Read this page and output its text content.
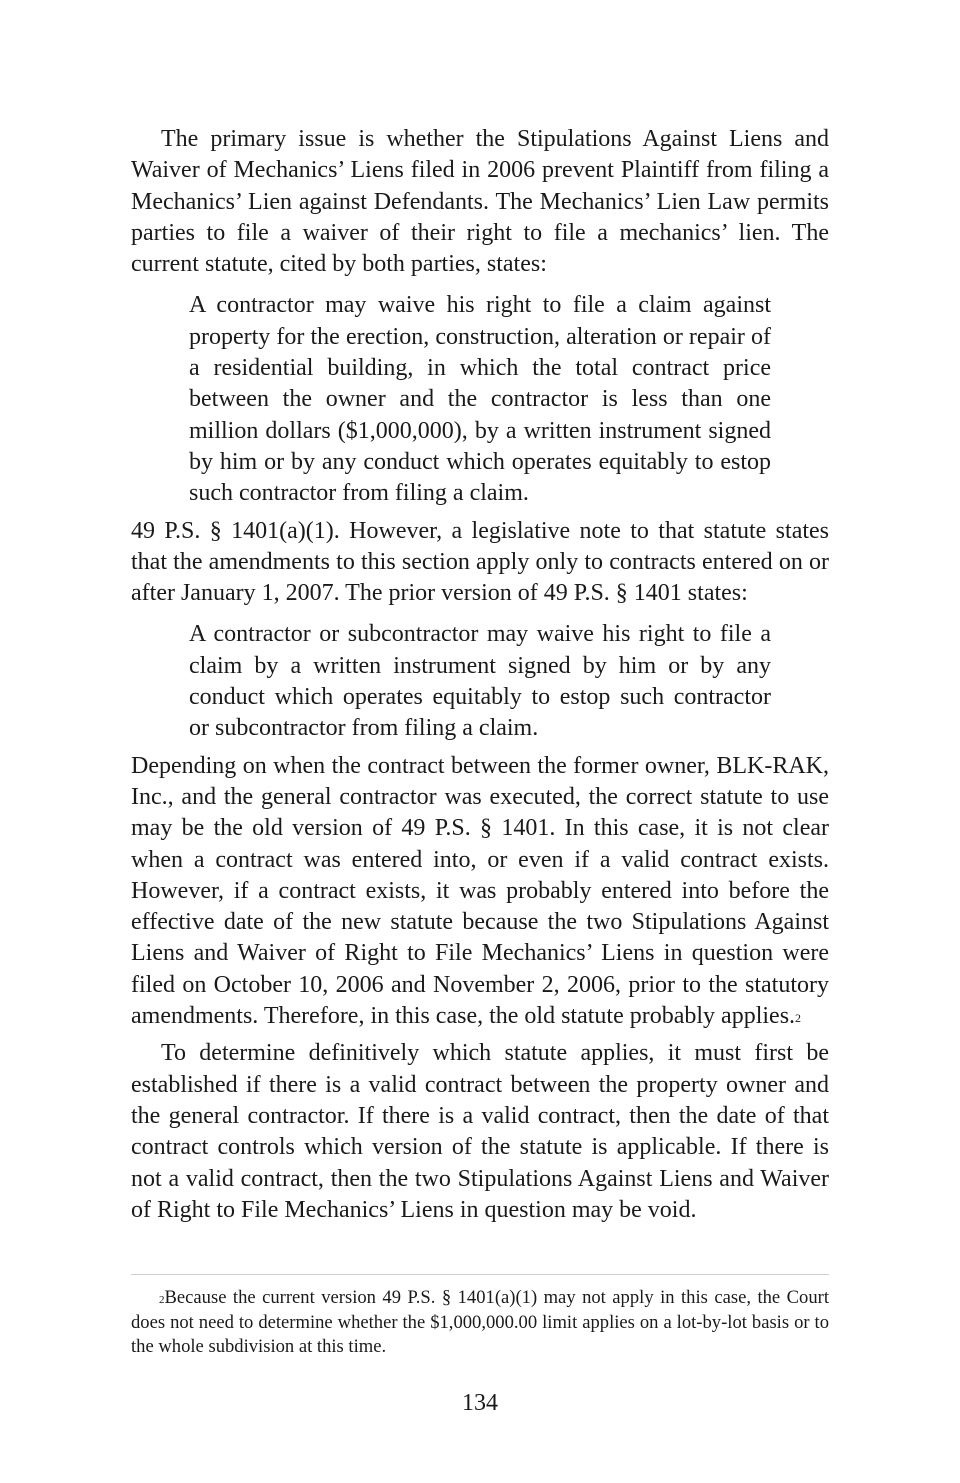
The primary issue is whether the Stipulations Against Liens and Waiver of Mechanics’ Liens filed in 2006 prevent Plaintiff from filing a Mechanics’ Lien against Defendants. The Mechanics’ Lien Law permits parties to file a waiver of their right to file a mechanics’ lien. The current statute, cited by both parties, states:

A contractor may waive his right to file a claim against property for the erection, construction, alteration or repair of a residential building, in which the total contract price between the owner and the contractor is less than one million dollars ($1,000,000), by a written instrument signed by him or by any conduct which operates equitably to estop such contractor from filing a claim.

49 P.S. § 1401(a)(1). However, a legislative note to that statute states that the amendments to this section apply only to contracts entered on or after January 1, 2007. The prior version of 49 P.S. § 1401 states:

A contractor or subcontractor may waive his right to file a claim by a written instrument signed by him or by any conduct which operates equitably to estop such contractor or subcontractor from filing a claim.

Depending on when the contract between the former owner, BLK-RAK, Inc., and the general contractor was executed, the correct statute to use may be the old version of 49 P.S. § 1401. In this case, it is not clear when a contract was entered into, or even if a valid contract exists. However, if a contract exists, it was probably entered into before the effective date of the new statute because the two Stipulations Against Liens and Waiver of Right to File Mechanics’ Liens in question were filed on October 10, 2006 and November 2, 2006, prior to the statutory amendments. Therefore, in this case, the old statute probably applies.$^2$

To determine definitively which statute applies, it must first be established if there is a valid contract between the property owner and the general contractor. If there is a valid contract, then the date of that contract controls which version of the statute is applicable. If there is not a valid contract, then the two Stipulations Against Liens and Waiver of Right to File Mechanics’ Liens in question may be void.

$^2$Because the current version 49 P.S. § 1401(a)(1) may not apply in this case, the Court does not need to determine whether the $1,000,000.00 limit applies on a lot-by-lot basis or to the whole subdivision at this time.

134
